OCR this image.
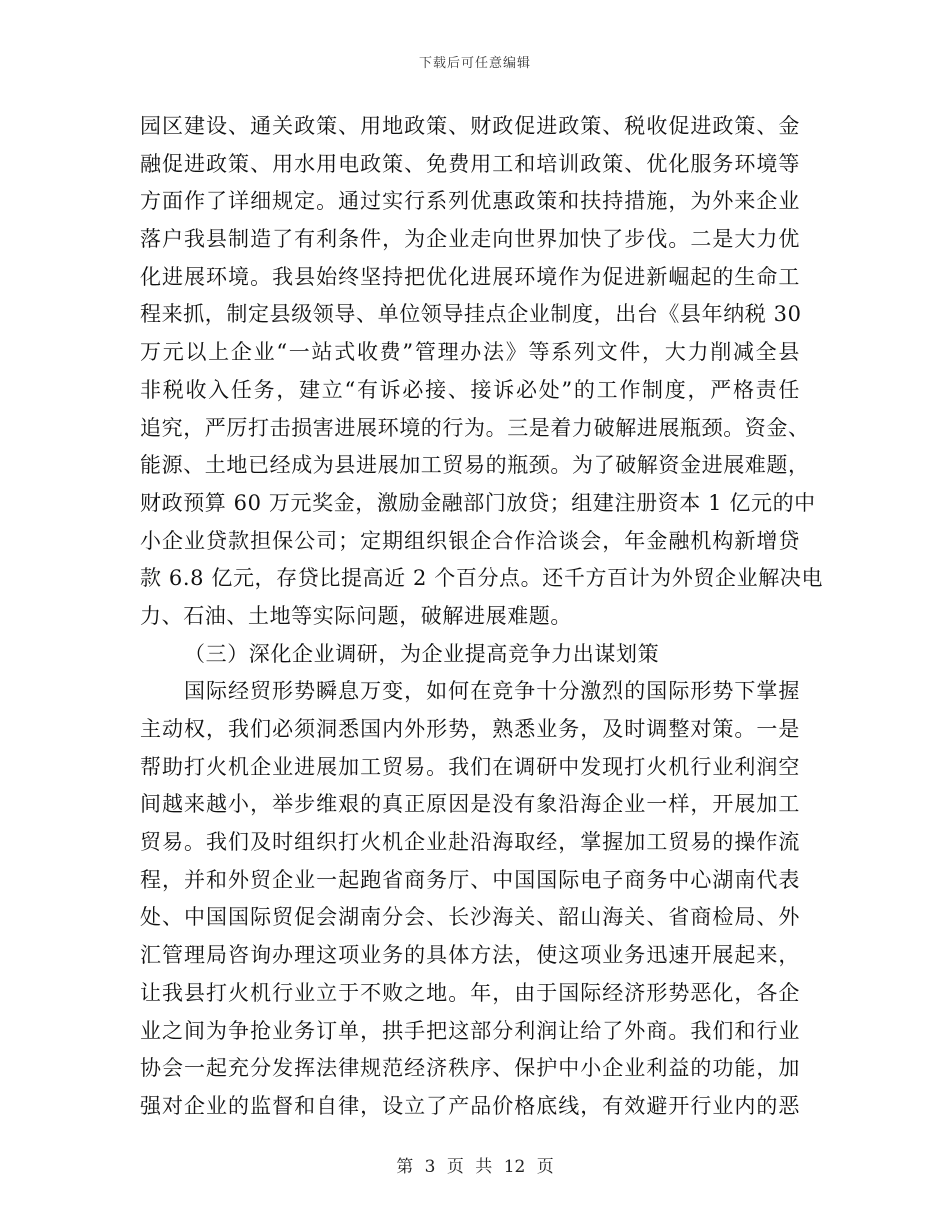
下载后可任意编辑
园区建设、通关政策、用地政策、财政促进政策、税收促进政策、金
融促进政策、用水用电政策、免费用工和培训政策、优化服务环境等
方面作了详细规定。通过实行系列优惠政策和扶持措施，为外来企业
落户我县制造了有利条件，为企业走向世界加快了步伐。二是大力优
化进展环境。我县始终坚持把优化进展环境作为促进新崛起的生命工
程来抓，制定县级领导、单位领导挂点企业制度，出台《县年纳税 30
万元以上企业“一站式收费”管理办法》等系列文件，大力削减全县
非税收入任务，建立“有诉必接、接诉必处”的工作制度，严格责任
追究，严厉打击损害进展环境的行为。三是着力破解进展瓶颈。资金、
能源、土地已经成为县进展加工贸易的瓶颈。为了破解资金进展难题，
财政预算 60 万元奖金，激励金融部门放贷；组建注册资本 1 亿元的中
小企业贷款担保公司；定期组织银企合作洽谈会，年金融机构新增贷
款 6.8 亿元，存贷比提高近 2 个百分点。还千方百计为外贸企业解决电
力、石油、土地等实际问题，破解进展难题。
（三）深化企业调研，为企业提高竞争力出谋划策
国际经贸形势瞬息万变，如何在竞争十分激烈的国际形势下掌握
主动权，我们必须洞悉国内外形势，熟悉业务，及时调整对策。一是
帮助打火机企业进展加工贸易。我们在调研中发现打火机行业利润空
间越来越小，举步维艰的真正原因是没有象沿海企业一样，开展加工
贸易。我们及时组织打火机企业赴沿海取经，掌握加工贸易的操作流
程，并和外贸企业一起跑省商务厅、中国国际电子商务中心湖南代表
处、中国国际贸促会湖南分会、长沙海关、韶山海关、省商检局、外
汇管理局咨询办理这项业务的具体方法，使这项业务迅速开展起来，
让我县打火机行业立于不败之地。年，由于国际经济形势恶化，各企
业之间为争抢业务订单，拱手把这部分利润让给了外商。我们和行业
协会一起充分发挥法律规范经济秩序、保护中小企业利益的功能，加
强对企业的监督和自律，设立了产品价格底线，有效避开行业内的恶
第 3 页 共 12 页
